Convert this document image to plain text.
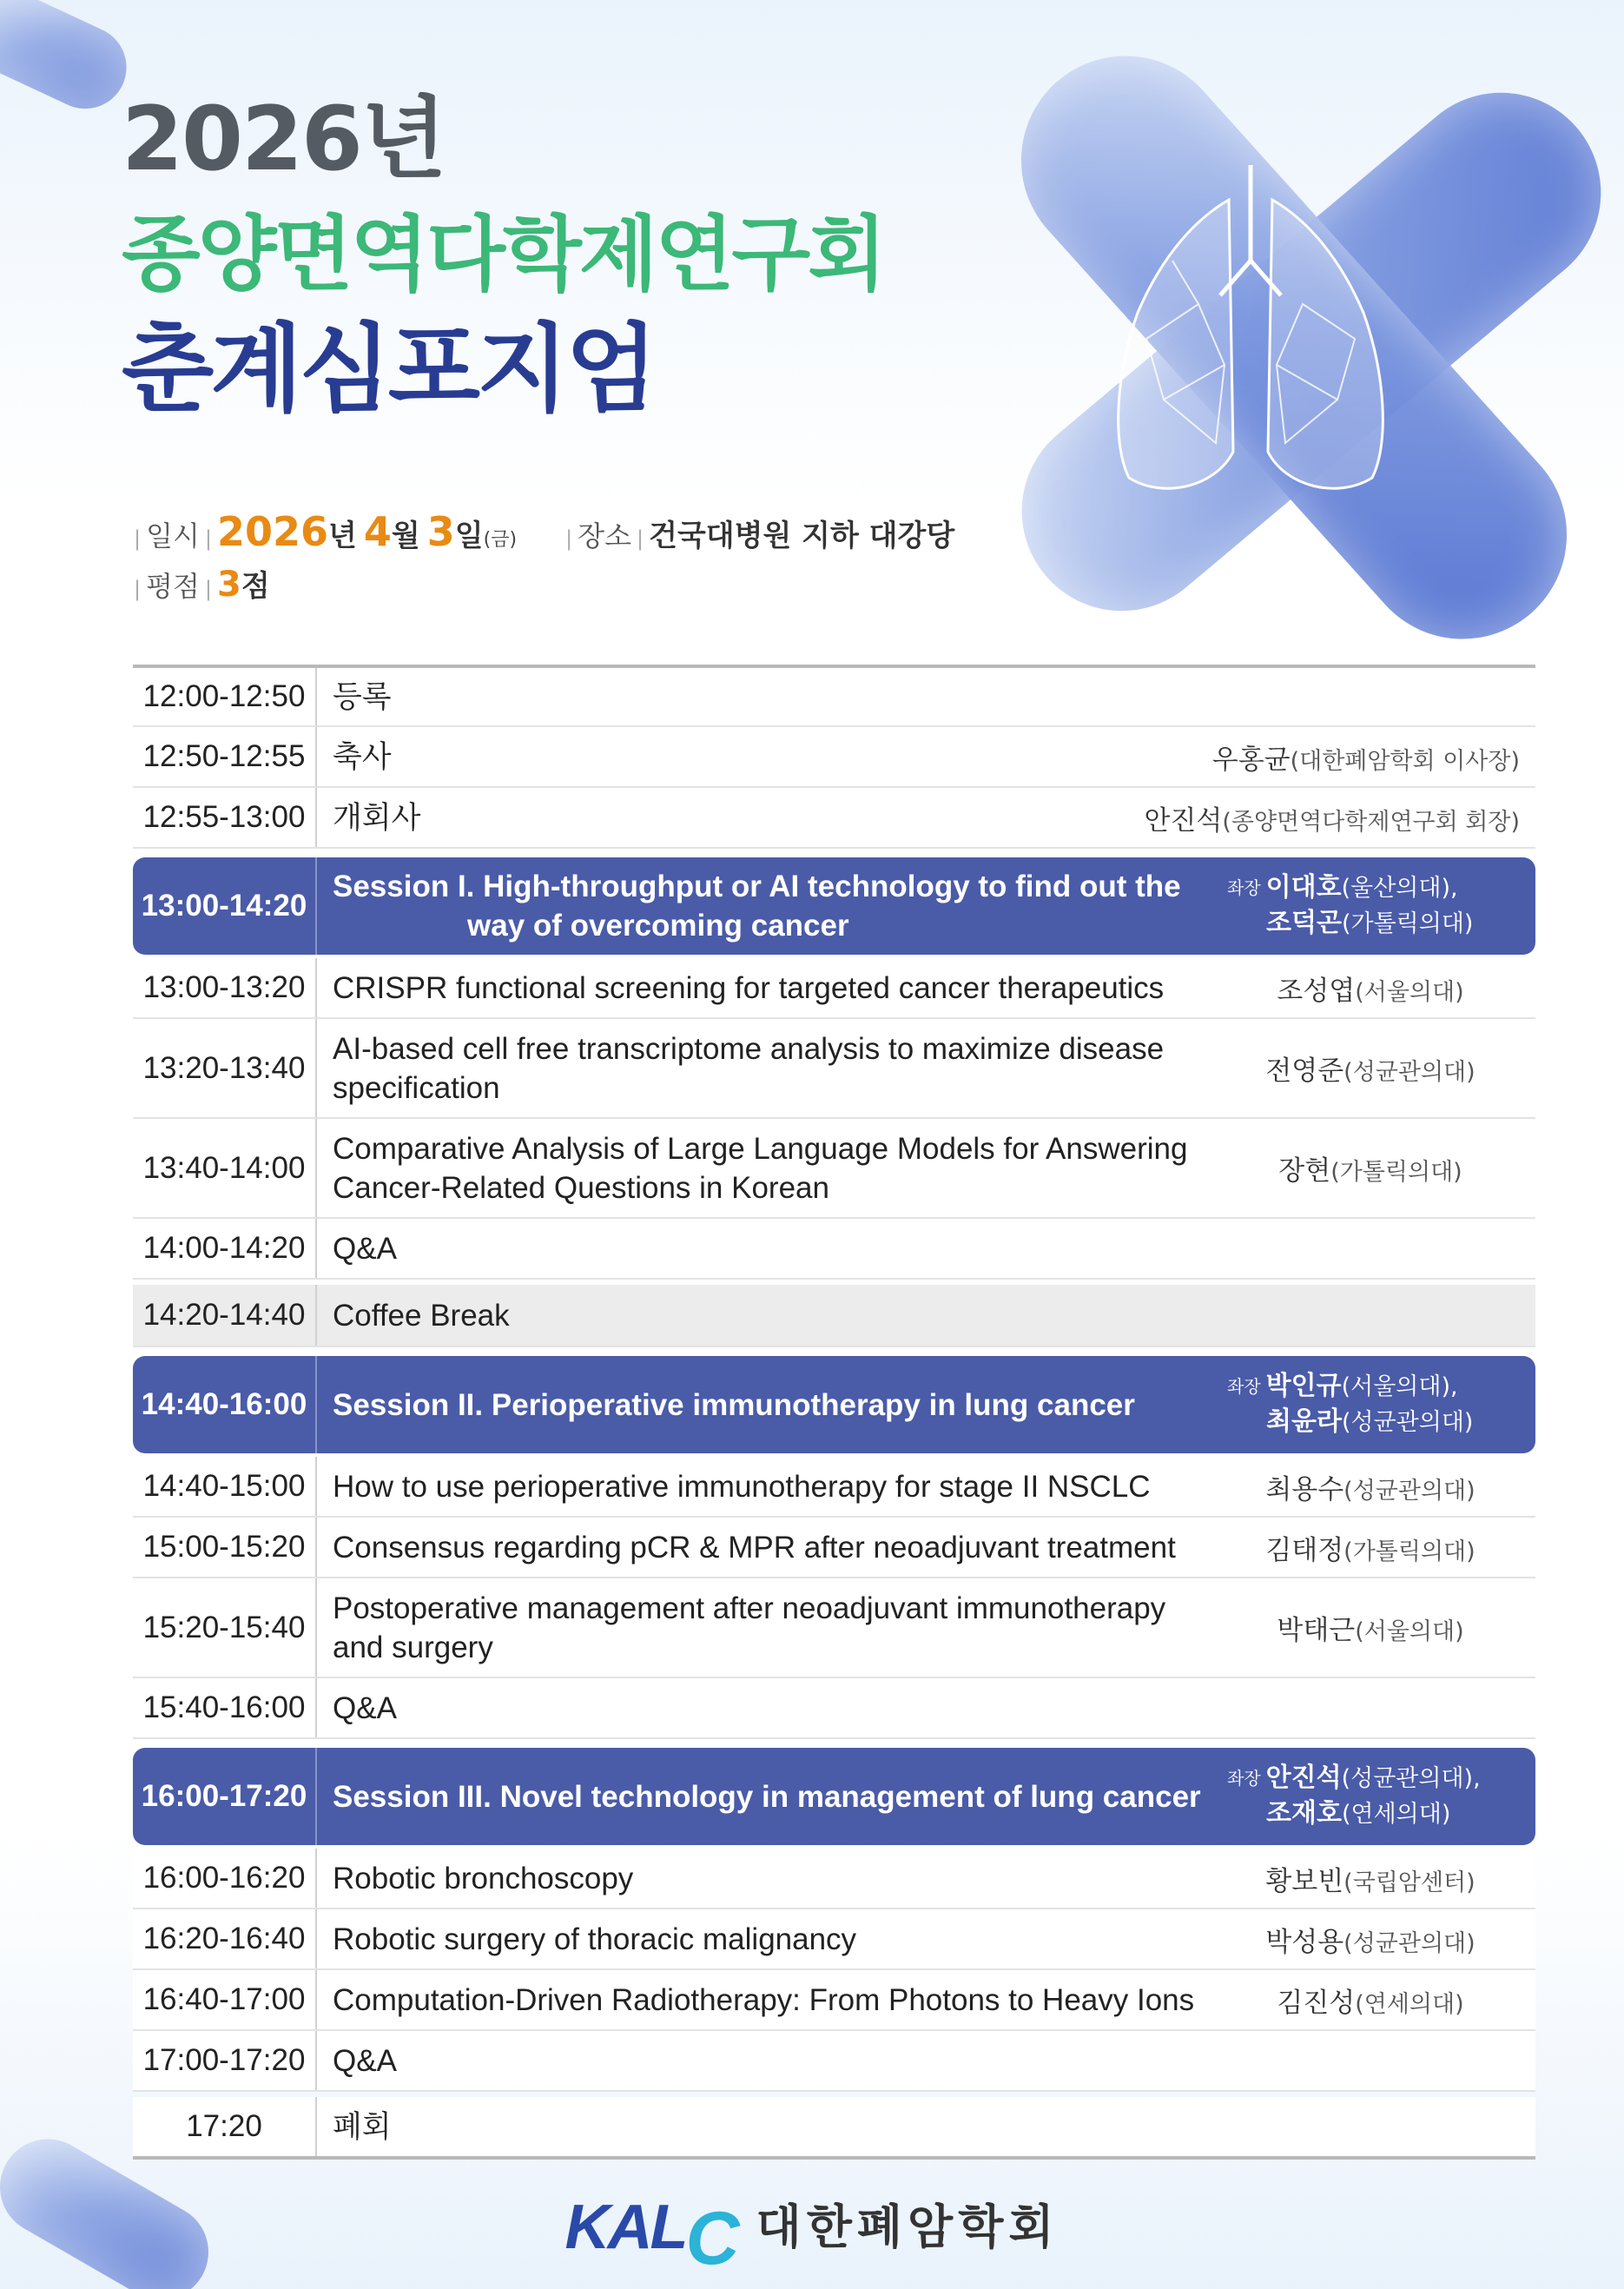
2026년
종양면역다학제연구회
춘계심포지엄
| 일시 | 2026 년 4 월 3 일 (금)
|	장소 | 건국대병원 지하 대강당
| 평점 | 3 점
12:00-12:50 등록
12:50-12:55 축사	우홍균(대한폐암학회 이사장)
12:55-13:00 개회사	안진석(종양면역다학제연구회 회장)
13:00-14:20
Session I. High-throughput or AI technology to find out the
way of overcoming cancer
$^{좌장}$ 이대호(울산의대),
조덕곤(가톨릭의대)
13:00-13:20 CRISPR functional screening for targeted cancer therapeutics	조성엽(서울의대)
13:20-13:40
AI-based cell free transcriptome analysis to maximize disease
specification	전영준(성균관의대)
13:40-14:00
Comparative Analysis of Large Language Models for Answering
Cancer-Related Questions in Korean	장현(가톨릭의대)
14:00-14:20 Q&A
14:20-14:40 Coffee Break
14:40-16:00 Session II. Perioperative immunotherapy in lung cancer
$^{좌장}$ 박인규(서울의대),
최윤라(성균관의대)
14:40-15:00 How to use perioperative immunotherapy for stage II NSCLC	최용수(성균관의대)
15:00-15:20 Consensus regarding pCR & MPR after neoadjuvant treatment	김태정(가톨릭의대)
15:20-15:40
Postoperative management after neoadjuvant immunotherapy
and surgery	박태근(서울의대)
15:40-16:00 Q&A
16:00-17:20 Session III. Novel technology in management of lung cancer
$^{좌장}$ 안진석(성균관의대),
조재호(연세의대)
16:00-16:20 Robotic bronchoscopy	황보빈(국립암센터)
16:20-16:40 Robotic surgery of thoracic malignancy	박성용(성균관의대)
16:40-17:00 Computation-Driven Radiotherapy: From Photons to Heavy Ions	김진성(연세의대)
17:00-17:20 Q&A
17:20	폐회
KALC 대한폐암학회
